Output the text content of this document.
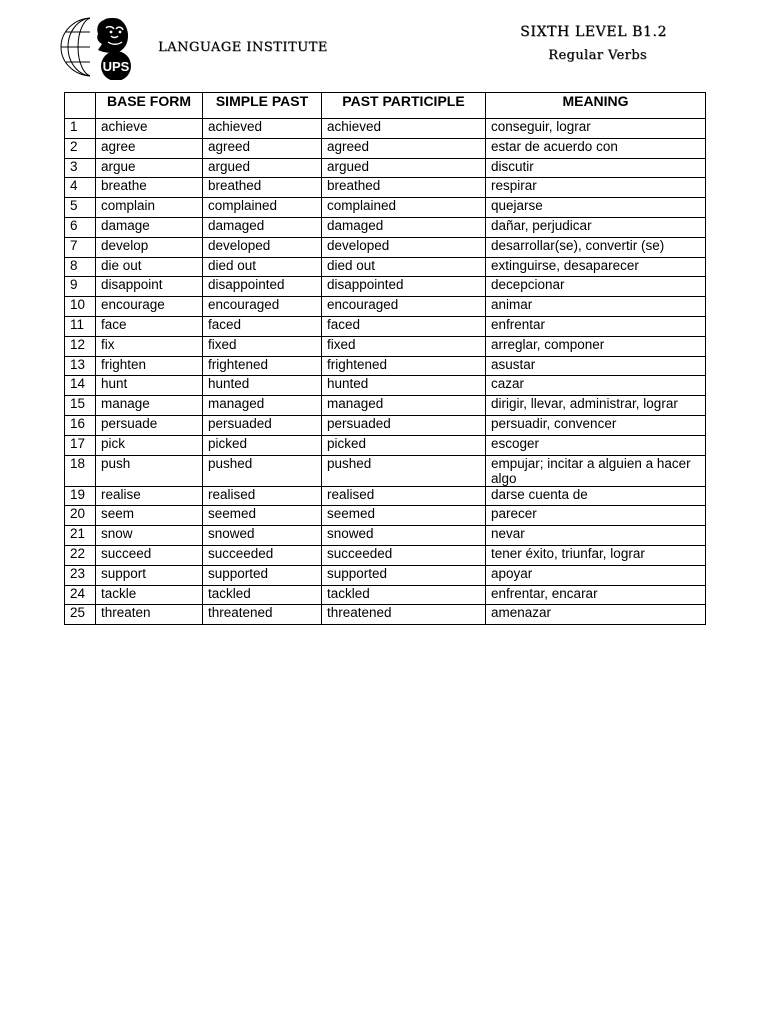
UPS
LANGUAGE INSTITUTE
SIXTH LEVEL B1.2
Regular Verbs
	BASE FORM	SIMPLE PAST	PAST PARTICIPLE	MEANING
1	achieve	achieved	achieved	conseguir, lograr
2	agree	agreed	agreed	estar de acuerdo con
3	argue	argued	argued	discutir
4	breathe	breathed	breathed	respirar
5	complain	complained	complained	quejarse
6	damage	damaged	damaged	dañar, perjudicar
7	develop	developed	developed	desarrollar(se), convertir (se)
8	die out	died out	died out	extinguirse, desaparecer
9	disappoint	disappointed	disappointed	decepcionar
10	encourage	encouraged	encouraged	animar
11	face	faced	faced	enfrentar
12	fix	fixed	fixed	arreglar, componer
13	frighten	frightened	frightened	asustar
14	hunt	hunted	hunted	cazar
15	manage	managed	managed	dirigir, llevar, administrar, lograr
16	persuade	persuaded	persuaded	persuadir, convencer
17	pick	picked	picked	escoger
18	push	pushed	pushed	empujar; incitar a alguien a hacer algo
19	realise	realised	realised	darse cuenta de
20	seem	seemed	seemed	parecer
21	snow	snowed	snowed	nevar
22	succeed	succeeded	succeeded	tener éxito, triunfar, lograr
23	support	supported	supported	apoyar
24	tackle	tackled	tackled	enfrentar, encarar
25	threaten	threatened	threatened	amenazar
